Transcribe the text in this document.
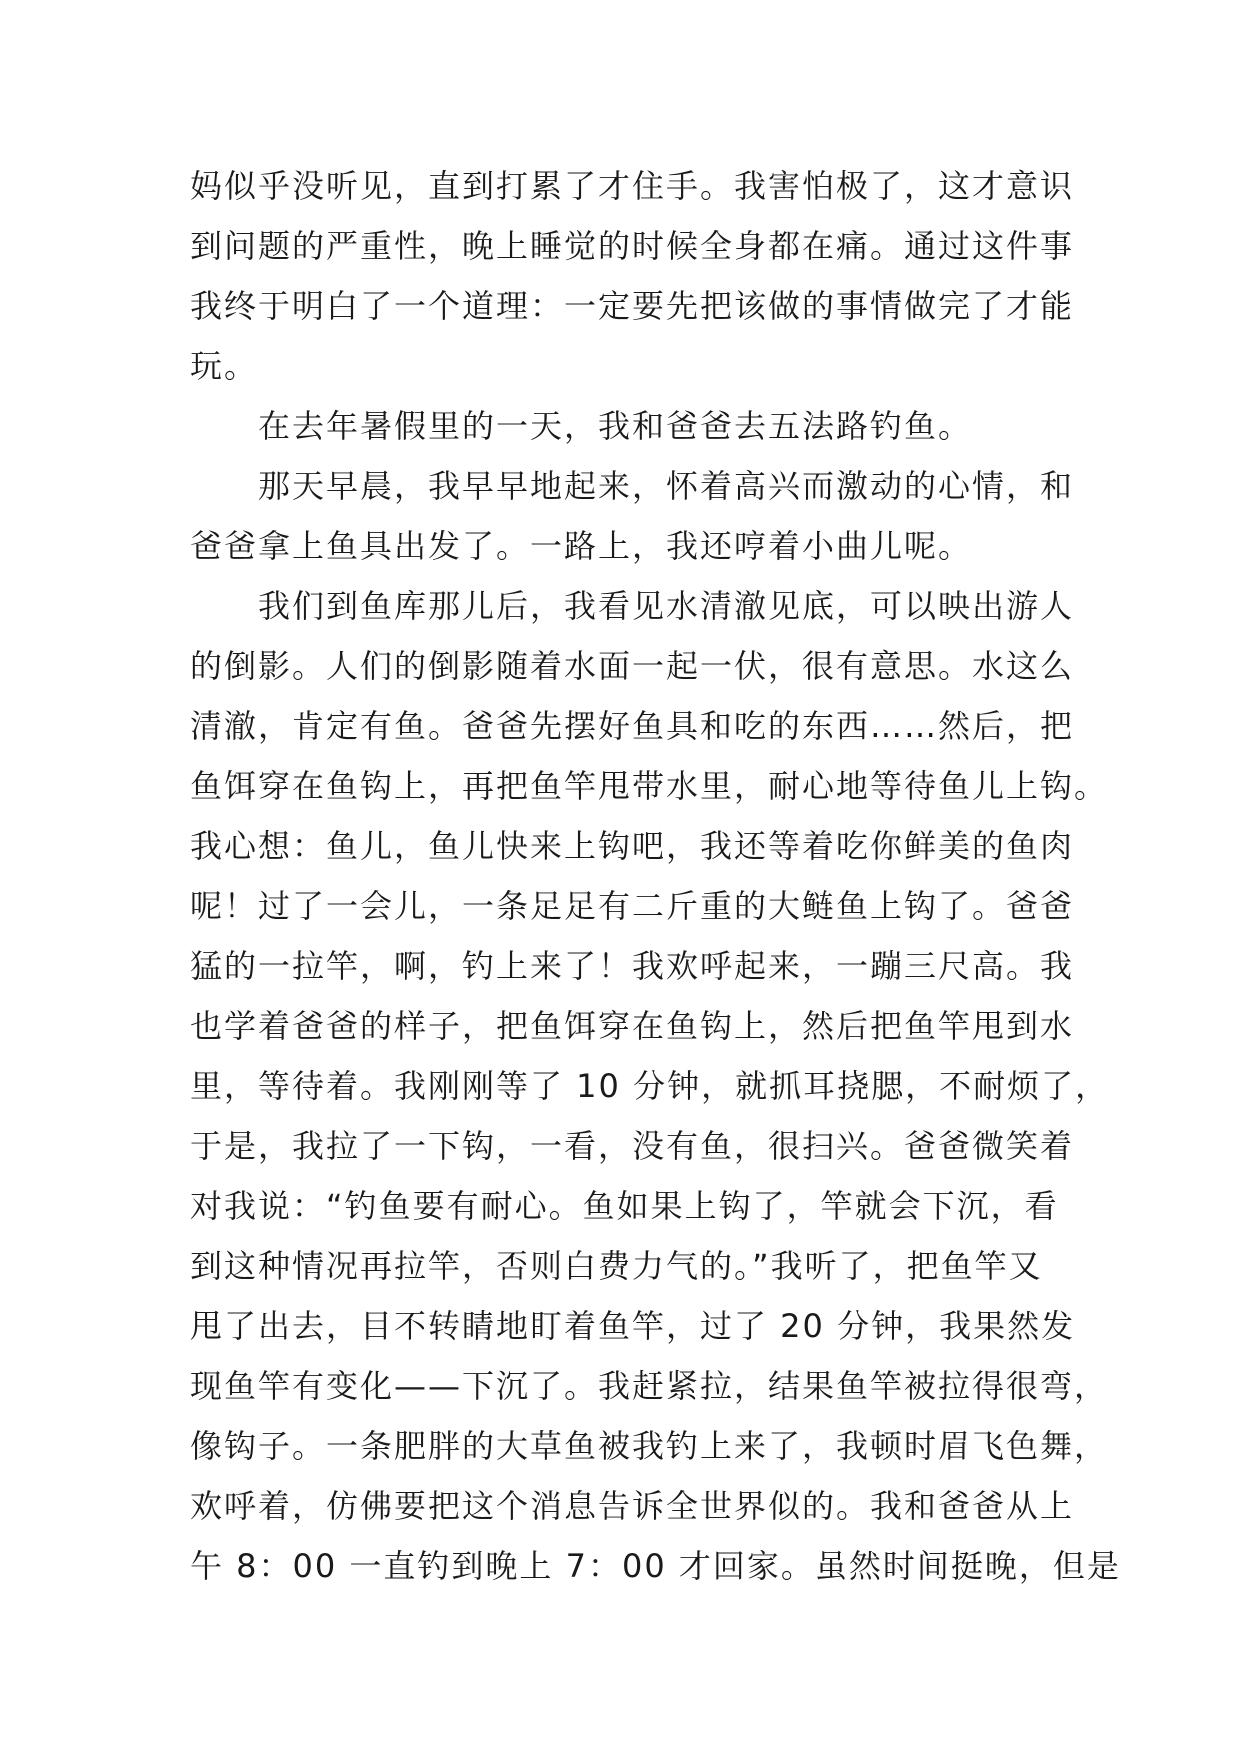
妈似乎没听见，直到打累了才住手。我害怕极了，这才意识
到问题的严重性，晚上睡觉的时候全身都在痛。通过这件事
我终于明白了一个道理：一定要先把该做的事情做完了才能
玩。
　　在去年暑假里的一天，我和爸爸去五法路钓鱼。
　　那天早晨，我早早地起来，怀着高兴而激动的心情，和
爸爸拿上鱼具出发了。一路上，我还哼着小曲儿呢。
　　我们到鱼库那儿后，我看见水清澈见底，可以映出游人
的倒影。人们的倒影随着水面一起一伏，很有意思。水这么
清澈，肯定有鱼。爸爸先摆好鱼具和吃的东西……然后，把
鱼饵穿在鱼钩上，再把鱼竿甩带水里，耐心地等待鱼儿上钩。
我心想：鱼儿，鱼儿快来上钩吧，我还等着吃你鲜美的鱼肉
呢！过了一会儿，一条足足有二斤重的大鲢鱼上钩了。爸爸
猛的一拉竿，啊，钓上来了！我欢呼起来，一蹦三尺高。我
也学着爸爸的样子，把鱼饵穿在鱼钩上，然后把鱼竿甩到水
里，等待着。我刚刚等了 10 分钟，就抓耳挠腮，不耐烦了，
于是，我拉了一下钩，一看，没有鱼，很扫兴。爸爸微笑着
对我说：“钓鱼要有耐心。鱼如果上钩了，竿就会下沉，看
到这种情况再拉竿，否则白费力气的。”我听了，把鱼竿又
甩了出去，目不转睛地盯着鱼竿，过了 20 分钟，我果然发
现鱼竿有变化——下沉了。我赶紧拉，结果鱼竿被拉得很弯，
像钩子。一条肥胖的大草鱼被我钓上来了，我顿时眉飞色舞，
欢呼着，仿佛要把这个消息告诉全世界似的。我和爸爸从上
午 8：00 一直钓到晚上 7：00 才回家。虽然时间挺晚，但是
